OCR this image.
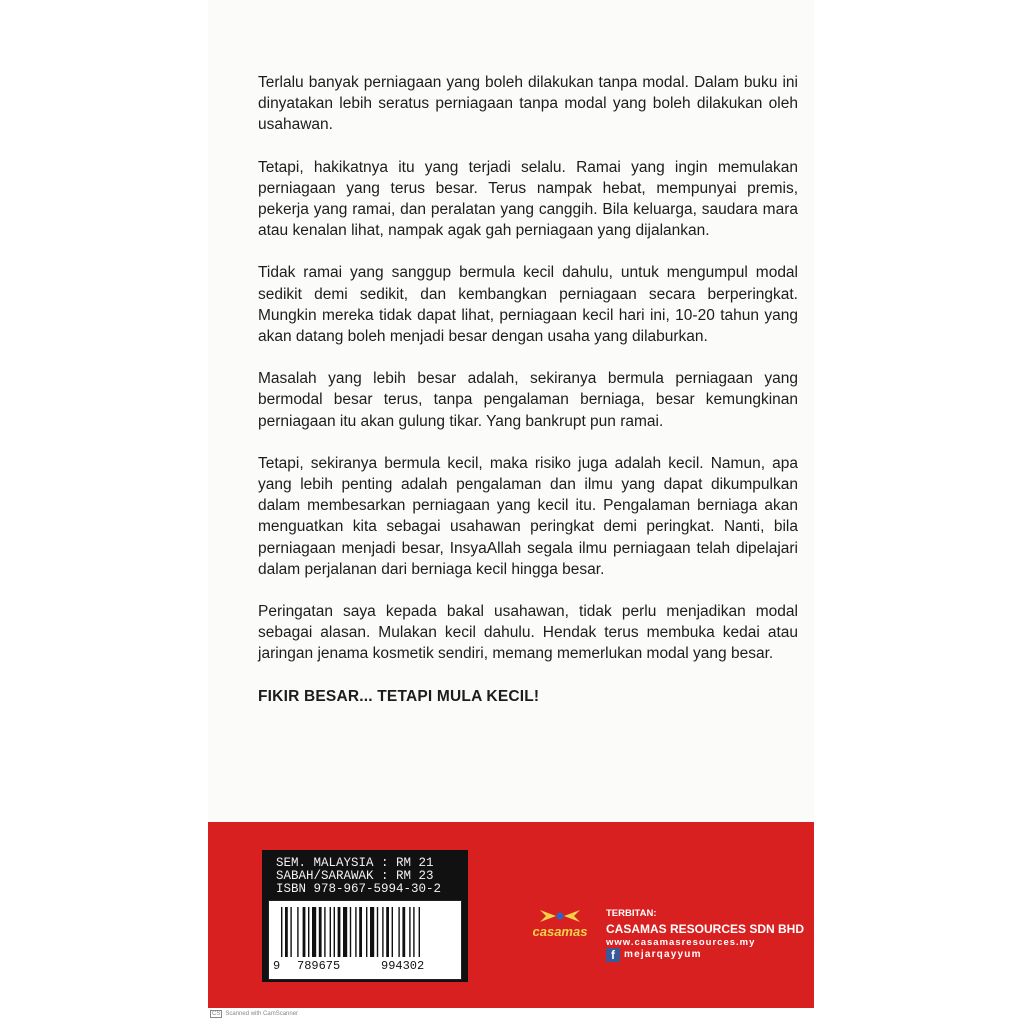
Terlalu banyak perniagaan yang boleh dilakukan tanpa modal. Dalam buku ini dinyatakan lebih seratus perniagaan tanpa modal yang boleh dilakukan oleh usahawan.

Tetapi, hakikatnya itu yang terjadi selalu. Ramai yang ingin memulakan perniagaan yang terus besar. Terus nampak hebat, mempunyai premis, pekerja yang ramai, dan peralatan yang canggih. Bila keluarga, saudara mara atau kenalan lihat, nampak agak gah perniagaan yang dijalankan.

Tidak ramai yang sanggup bermula kecil dahulu, untuk mengumpul modal sedikit demi sedikit, dan kembangkan perniagaan secara berperingkat. Mungkin mereka tidak dapat lihat, perniagaan kecil hari ini, 10-20 tahun yang akan datang boleh menjadi besar dengan usaha yang dilaburkan.

Masalah yang lebih besar adalah, sekiranya bermula perniagaan yang bermodal besar terus, tanpa pengalaman berniaga, besar kemungkinan perniagaan itu akan gulung tikar. Yang bankrupt pun ramai.

Tetapi, sekiranya bermula kecil, maka risiko juga adalah kecil. Namun, apa yang lebih penting adalah pengalaman dan ilmu yang dapat dikumpulkan dalam membesarkan perniagaan yang kecil itu. Pengalaman berniaga akan menguatkan kita sebagai usahawan peringkat demi peringkat. Nanti, bila perniagaan menjadi besar, InsyaAllah segala ilmu perniagaan telah dipelajari dalam perjalanan dari berniaga kecil hingga besar.

Peringatan saya kepada bakal usahawan, tidak perlu menjadikan modal sebagai alasan. Mulakan kecil dahulu. Hendak terus membuka kedai atau jaringan jenama kosmetik sendiri, memang memerlukan modal yang besar.

FIKIR BESAR... TETAPI MULA KECIL!

SEM. MALAYSIA : RM 21
SABAH/SARAWAK : RM 23
ISBN 978-967-5994-30-2
9 789675	994302
casamas
TERBITAN:
CASAMAS RESOURCES SDN BHD
www.casamasresources.my
f mejarqayyum
CS Scanned with CamScanner
